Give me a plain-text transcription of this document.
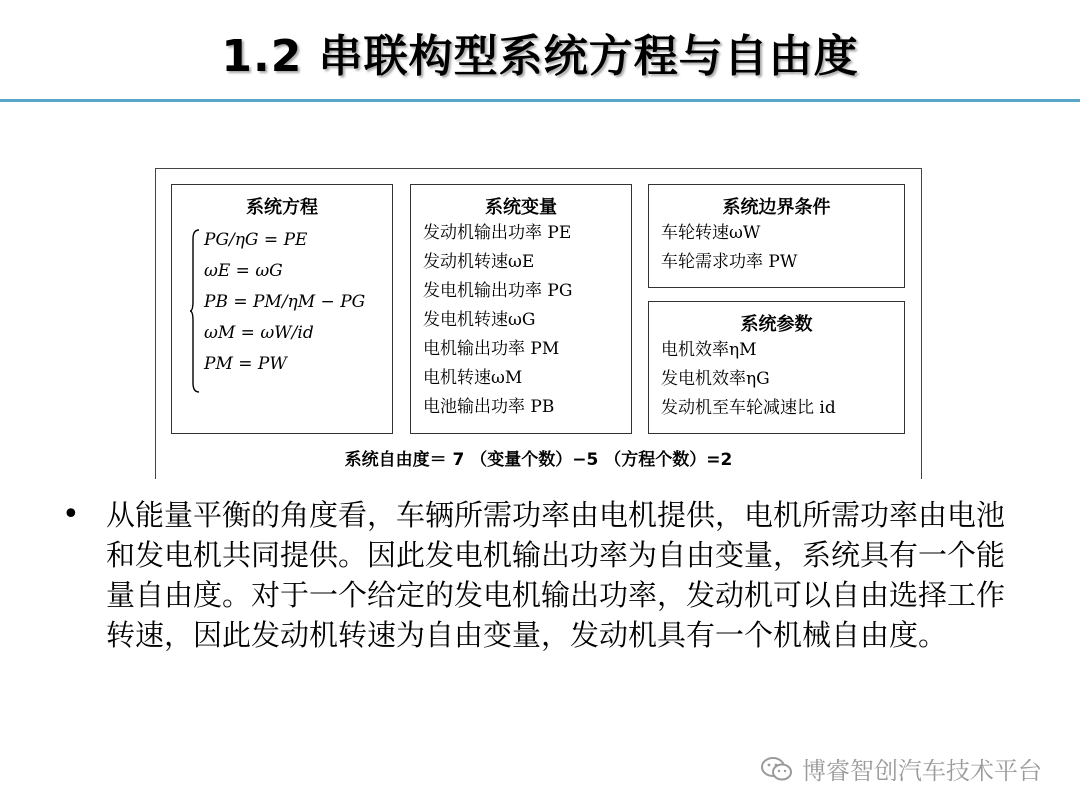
1.2 串联构型系统方程与自由度
系统方程
PG/ηG = PE
ωE = ωG
PB = PM/ηM − PG
ωM = ωW/id
PM = PW
系统变量
发动机输出功率 PE
发动机转速ωE
发电机输出功率 PG
发电机转速ωG
电机输出功率 PM
电机转速ωM
电池输出功率 PB
系统边界条件
车轮转速ωW
车轮需求功率 PW
系统参数
电机效率ηM
发电机效率ηG
发动机至车轮减速比 id
系统自由度＝ 7 （变量个数）−5 （方程个数）=2
• 从能量平衡的角度看，车辆所需功率由电机提供，电机所需功率由电池和发电机共同提供。因此发电机输出功率为自由变量，系统具有一个能量自由度。对于一个给定的发电机输出功率，发动机可以自由选择工作转速，因此发动机转速为自由变量，发动机具有一个机械自由度。
博睿智创汽车技术平台
